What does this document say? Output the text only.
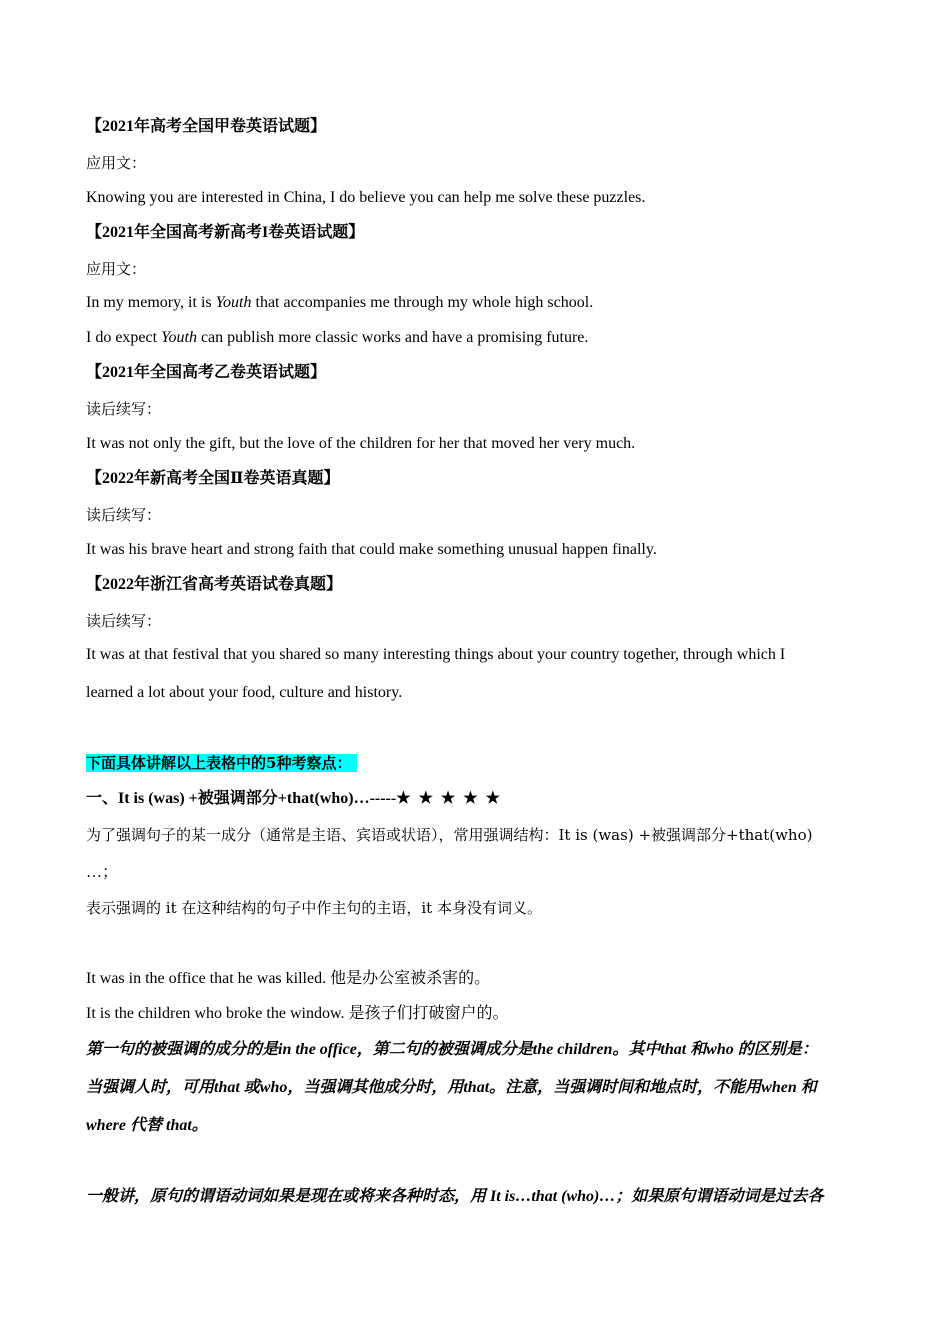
【2021年高考全国甲卷英语试题】
应用文：
Knowing you are interested in China, I do believe you can help me solve these puzzles.
【2021年全国高考新高考I卷英语试题】
应用文：
In my memory, it is Youth that accompanies me through my whole high school.
I do expect Youth can publish more classic works and have a promising future.
【2021年全国高考乙卷英语试题】
读后续写：
It was not only the gift, but the love of the children for her that moved her very much.
【2022年新高考全国Ⅱ卷英语真题】
读后续写：
It was his brave heart and strong faith that could make something unusual happen finally.
【2022年浙江省高考英语试卷真题】
读后续写：
It was at that festival that you shared so many interesting things about your country together, through which I
learned a lot about your food, culture and history.
下面具体讲解以上表格中的5种考察点：
一、It is (was) +被强调部分+that(who)…-----★ ★ ★ ★ ★
为了强调句子的某一成分（通常是主语、宾语或状语），常用强调结构：It is (was) +被强调部分+that(who)
…；
表示强调的 it 在这种结构的句子中作主句的主语，it 本身没有词义。
It was in the office that he was killed. 他是办公室被杀害的。
It is the children who broke the window. 是孩子们打破窗户的。
第一句的被强调的成分的是in the office，第二句的被强调成分是the children。其中that 和who 的区别是：
当强调人时，可用that 或who，当强调其他成分时，用that。注意，当强调时间和地点时，不能用when 和
where 代替 that。
一般讲，原句的谓语动词如果是现在或将来各种时态，用 It is…that (who)…；如果原句谓语动词是过去各
